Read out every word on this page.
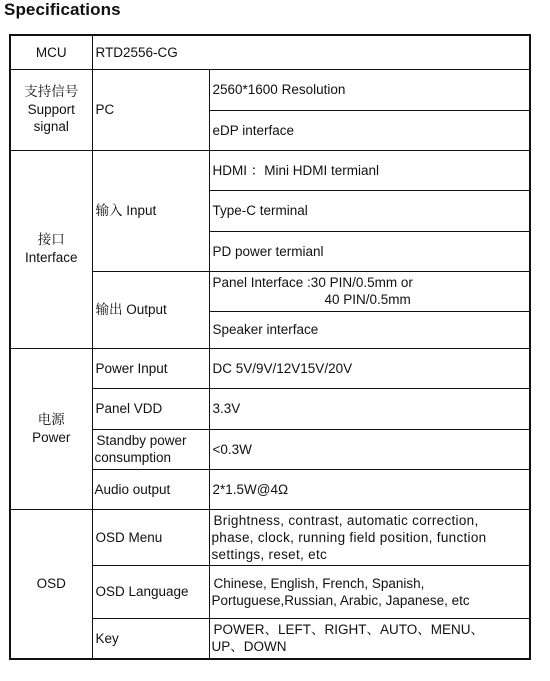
Specifications
MCU	RTD2556-CG	

支持信号
Support
signal	PC	2560*1600 Resolution
		eDP interface

接口
Interface	输入 Input	HDMI ：Mini HDMI termianl
		Type-C terminal
		PD power termianl
	输出 Output	Panel Interface :30 PIN/0.5mm or
40 PIN/0.5mm

		Speaker interface

电源
Power	Power Input	DC 5V/9V/12V15V/20V
	Panel VDD	3.3V

	Standby power
consumption	<0.3W
	Audio output	2*1.5W@4Ω
OSD	OSD Menu	Brightness, contrast, automatic correction,
phase, clock, running field position, function
settings, reset, etc

	OSD Language	Chinese, English, French, Spanish,
Portuguese,Russian, Arabic, Japanese, etc

	Key	POWER、LEFT、RIGHT、AUTO、MENU、
UP、DOWN
